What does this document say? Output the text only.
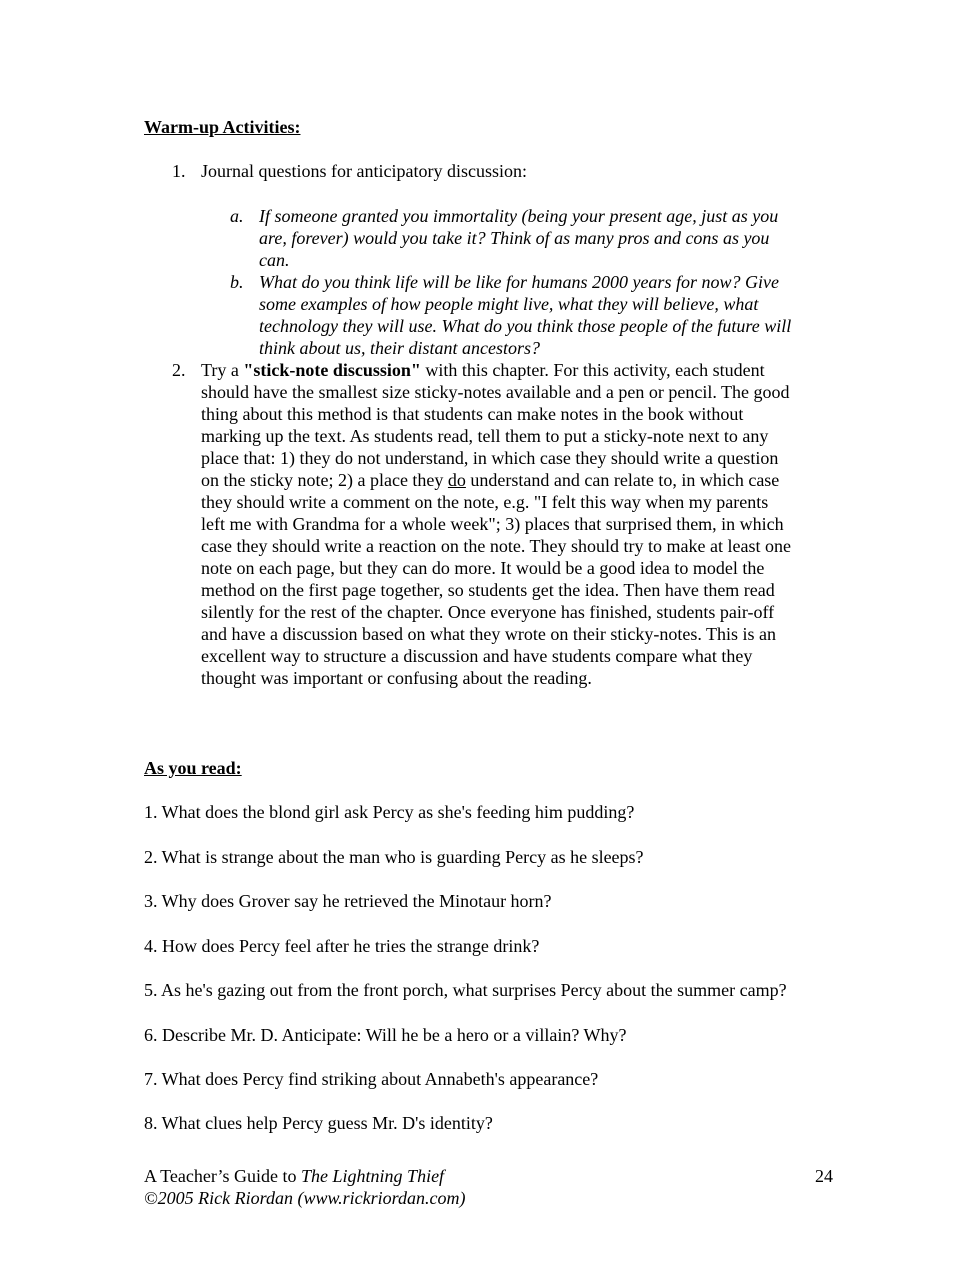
Warm-up Activities:
1. Journal questions for anticipatory discussion:
a. If someone granted you immortality (being your present age, just as you
are, forever) would you take it? Think of as many pros and cons as you
can.
b. What do you think life will be like for humans 2000 years for now? Give
some examples of how people might live, what they will believe, what
technology they will use. What do you think those people of the future will
think about us, their distant ancestors?
2. Try a "stick-note discussion" with this chapter. For this activity, each student
should have the smallest size sticky-notes available and a pen or pencil. The good
thing about this method is that students can make notes in the book without
marking up the text. As students read, tell them to put a sticky-note next to any
place that: 1) they do not understand, in which case they should write a question
on the sticky note; 2) a place they do understand and can relate to, in which case
they should write a comment on the note, e.g. "I felt this way when my parents
left me with Grandma for a whole week"; 3) places that surprised them, in which
case they should write a reaction on the note. They should try to make at least one
note on each page, but they can do more. It would be a good idea to model the
method on the first page together, so students get the idea. Then have them read
silently for the rest of the chapter. Once everyone has finished, students pair-off
and have a discussion based on what they wrote on their sticky-notes. This is an
excellent way to structure a discussion and have students compare what they
thought was important or confusing about the reading.
As you read:
1. What does the blond girl ask Percy as she's feeding him pudding?
2. What is strange about the man who is guarding Percy as he sleeps?
3. Why does Grover say he retrieved the Minotaur horn?
4. How does Percy feel after he tries the strange drink?
5. As he's gazing out from the front porch, what surprises Percy about the summer camp?
6. Describe Mr. D. Anticipate: Will he be a hero or a villain? Why?
7. What does Percy find striking about Annabeth's appearance?
8. What clues help Percy guess Mr. D's identity?
A Teacher’s Guide to The Lightning Thief	24
©2005 Rick Riordan (www.rickriordan.com)
